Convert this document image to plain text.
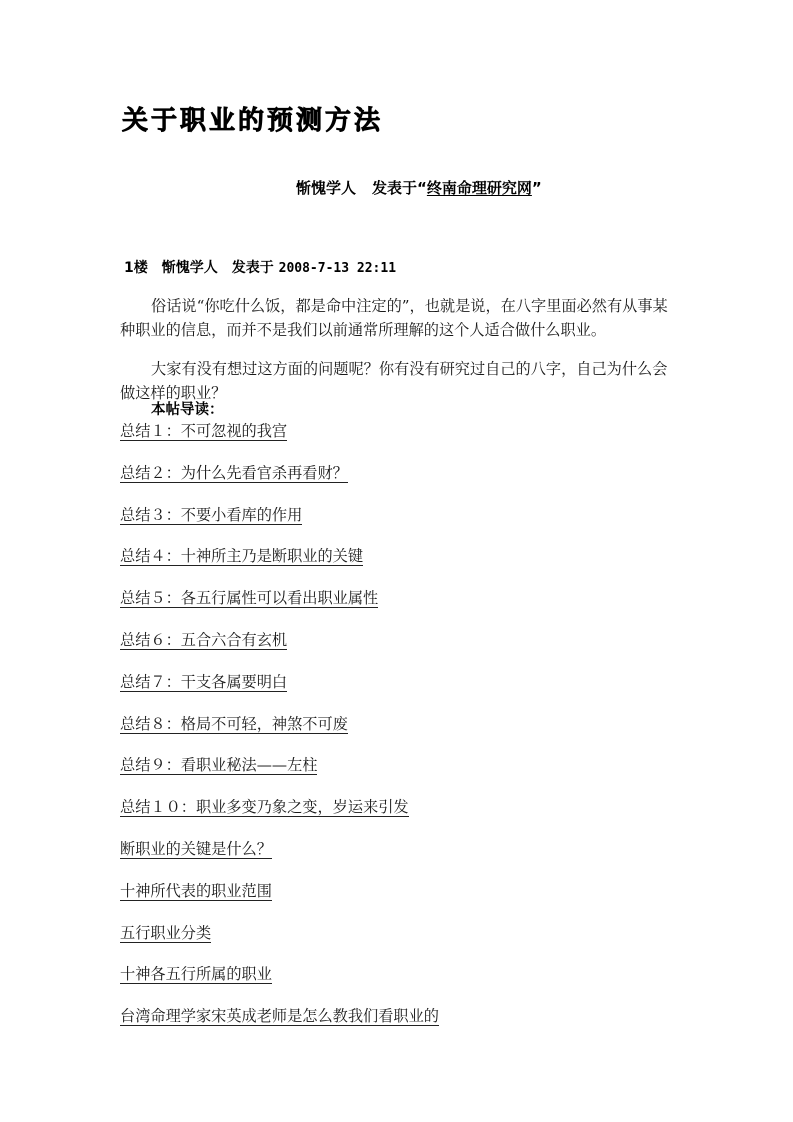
关于职业的预测方法
惭愧学人 发表于“终南命理研究网”
1楼 惭愧学人 发表于 2008-7-13 22:11

俗话说“你吃什么饭，都是命中注定的”，也就是说，在八字里面必然有从事某种职业的信息，而并不是我们以前通常所理解的这个人适合做什么职业。

大家有没有想过这方面的问题呢？你有没有研究过自己的八字，自己为什么会做这样的职业？

本帖导读：
总结１：不可忽视的我宫
总结２：为什么先看官杀再看财？
总结３：不要小看库的作用
总结４：十神所主乃是断职业的关键
总结５：各五行属性可以看出职业属性
总结６：五合六合有玄机
总结７：干支各属要明白
总结８：格局不可轻，神煞不可废
总结９：看职业秘法——左柱
总结１０：职业多变乃象之变，岁运来引发
断职业的关键是什么？
十神所代表的职业范围
五行职业分类
十神各五行所属的职业
台湾命理学家宋英成老师是怎么教我们看职业的
